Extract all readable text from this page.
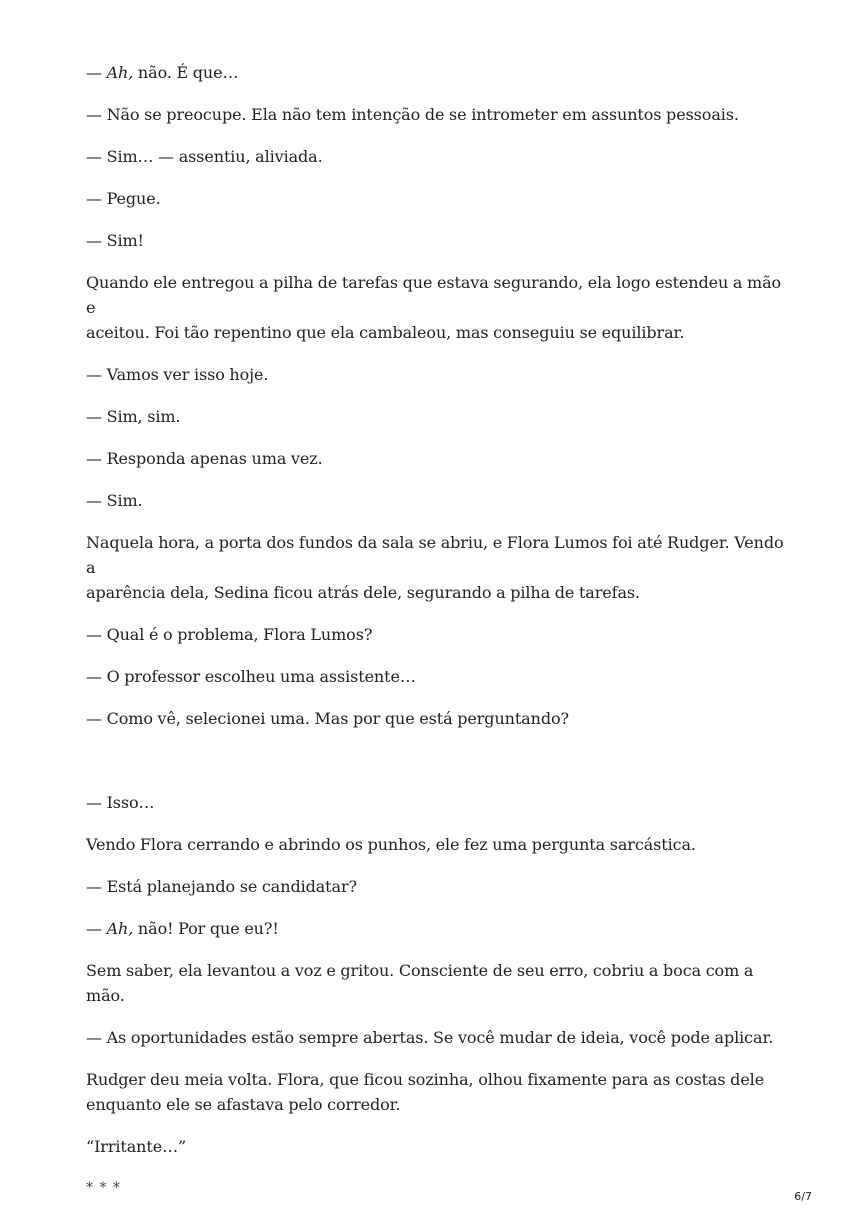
— Ah, não. É que…

— Não se preocupe. Ela não tem intenção de se intrometer em assuntos pessoais.

— Sim… — assentiu, aliviada.

— Pegue.

— Sim!

Quando ele entregou a pilha de tarefas que estava segurando, ela logo estendeu a mão e
aceitou. Foi tão repentino que ela cambaleou, mas conseguiu se equilibrar.

— Vamos ver isso hoje.

— Sim, sim.

— Responda apenas uma vez.

— Sim.

Naquela hora, a porta dos fundos da sala se abriu, e Flora Lumos foi até Rudger. Vendo a
aparência dela, Sedina ficou atrás dele, segurando a pilha de tarefas.

— Qual é o problema, Flora Lumos?

— O professor escolheu uma assistente…

— Como vê, selecionei uma. Mas por que está perguntando?

— Isso…

Vendo Flora cerrando e abrindo os punhos, ele fez uma pergunta sarcástica.

— Está planejando se candidatar?

— Ah, não! Por que eu?!

Sem saber, ela levantou a voz e gritou. Consciente de seu erro, cobriu a boca com a mão.

— As oportunidades estão sempre abertas. Se você mudar de ideia, você pode aplicar.

Rudger deu meia volta. Flora, que ficou sozinha, olhou fixamente para as costas dele
enquanto ele se afastava pelo corredor.

“Irritante…”

* * *

6/7
